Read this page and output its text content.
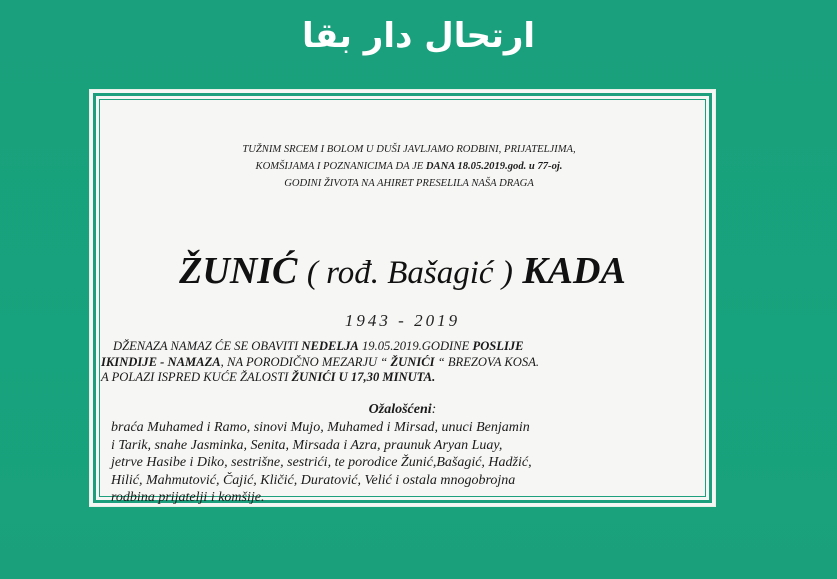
ارتحال دار بقا
TUŽNIM SRCEM I BOLOM U DUŠI JAVLJAMO RODBINI, PRIJATELJIMA,
KOMŠIJAMA I POZNANICIMA DA JE DANA 18.05.2019.god. u 77-oj.
GODINI ŽIVOTA NA AHIRET PRESELILA NAŠA DRAGA
ŽUNIĆ ( rođ. Bašagić ) KADA
1943 - 2019
DŽENAZA NAMAZ ĆE SE OBAVITI NEDELJA 19.05.2019.GODINE POSLIJE
IKINDIJE - NAMAZA, NA PORODIČNO MEZARJU “ ŽUNIĆI “ BREZOVA KOSA.
A POLAZI ISPRED KUĆE ŽALOSTI ŽUNIĆI U 17,30 MINUTA.
Ožalošćeni:
braća Muhamed i Ramo, sinovi Mujo, Muhamed i Mirsad, unuci Benjamin
i Tarik, snahe Jasminka, Senita, Mirsada i Azra, praunuk Aryan Luay,
jetrve Hasibe i Diko, sestrišne, sestrići, te porodice Žunić,Bašagić, Hadžić,
Hilić, Mahmutović, Čajić, Kličić, Duratović, Velić i ostala mnogobrojna
rodbina prijatelji i komšije.
